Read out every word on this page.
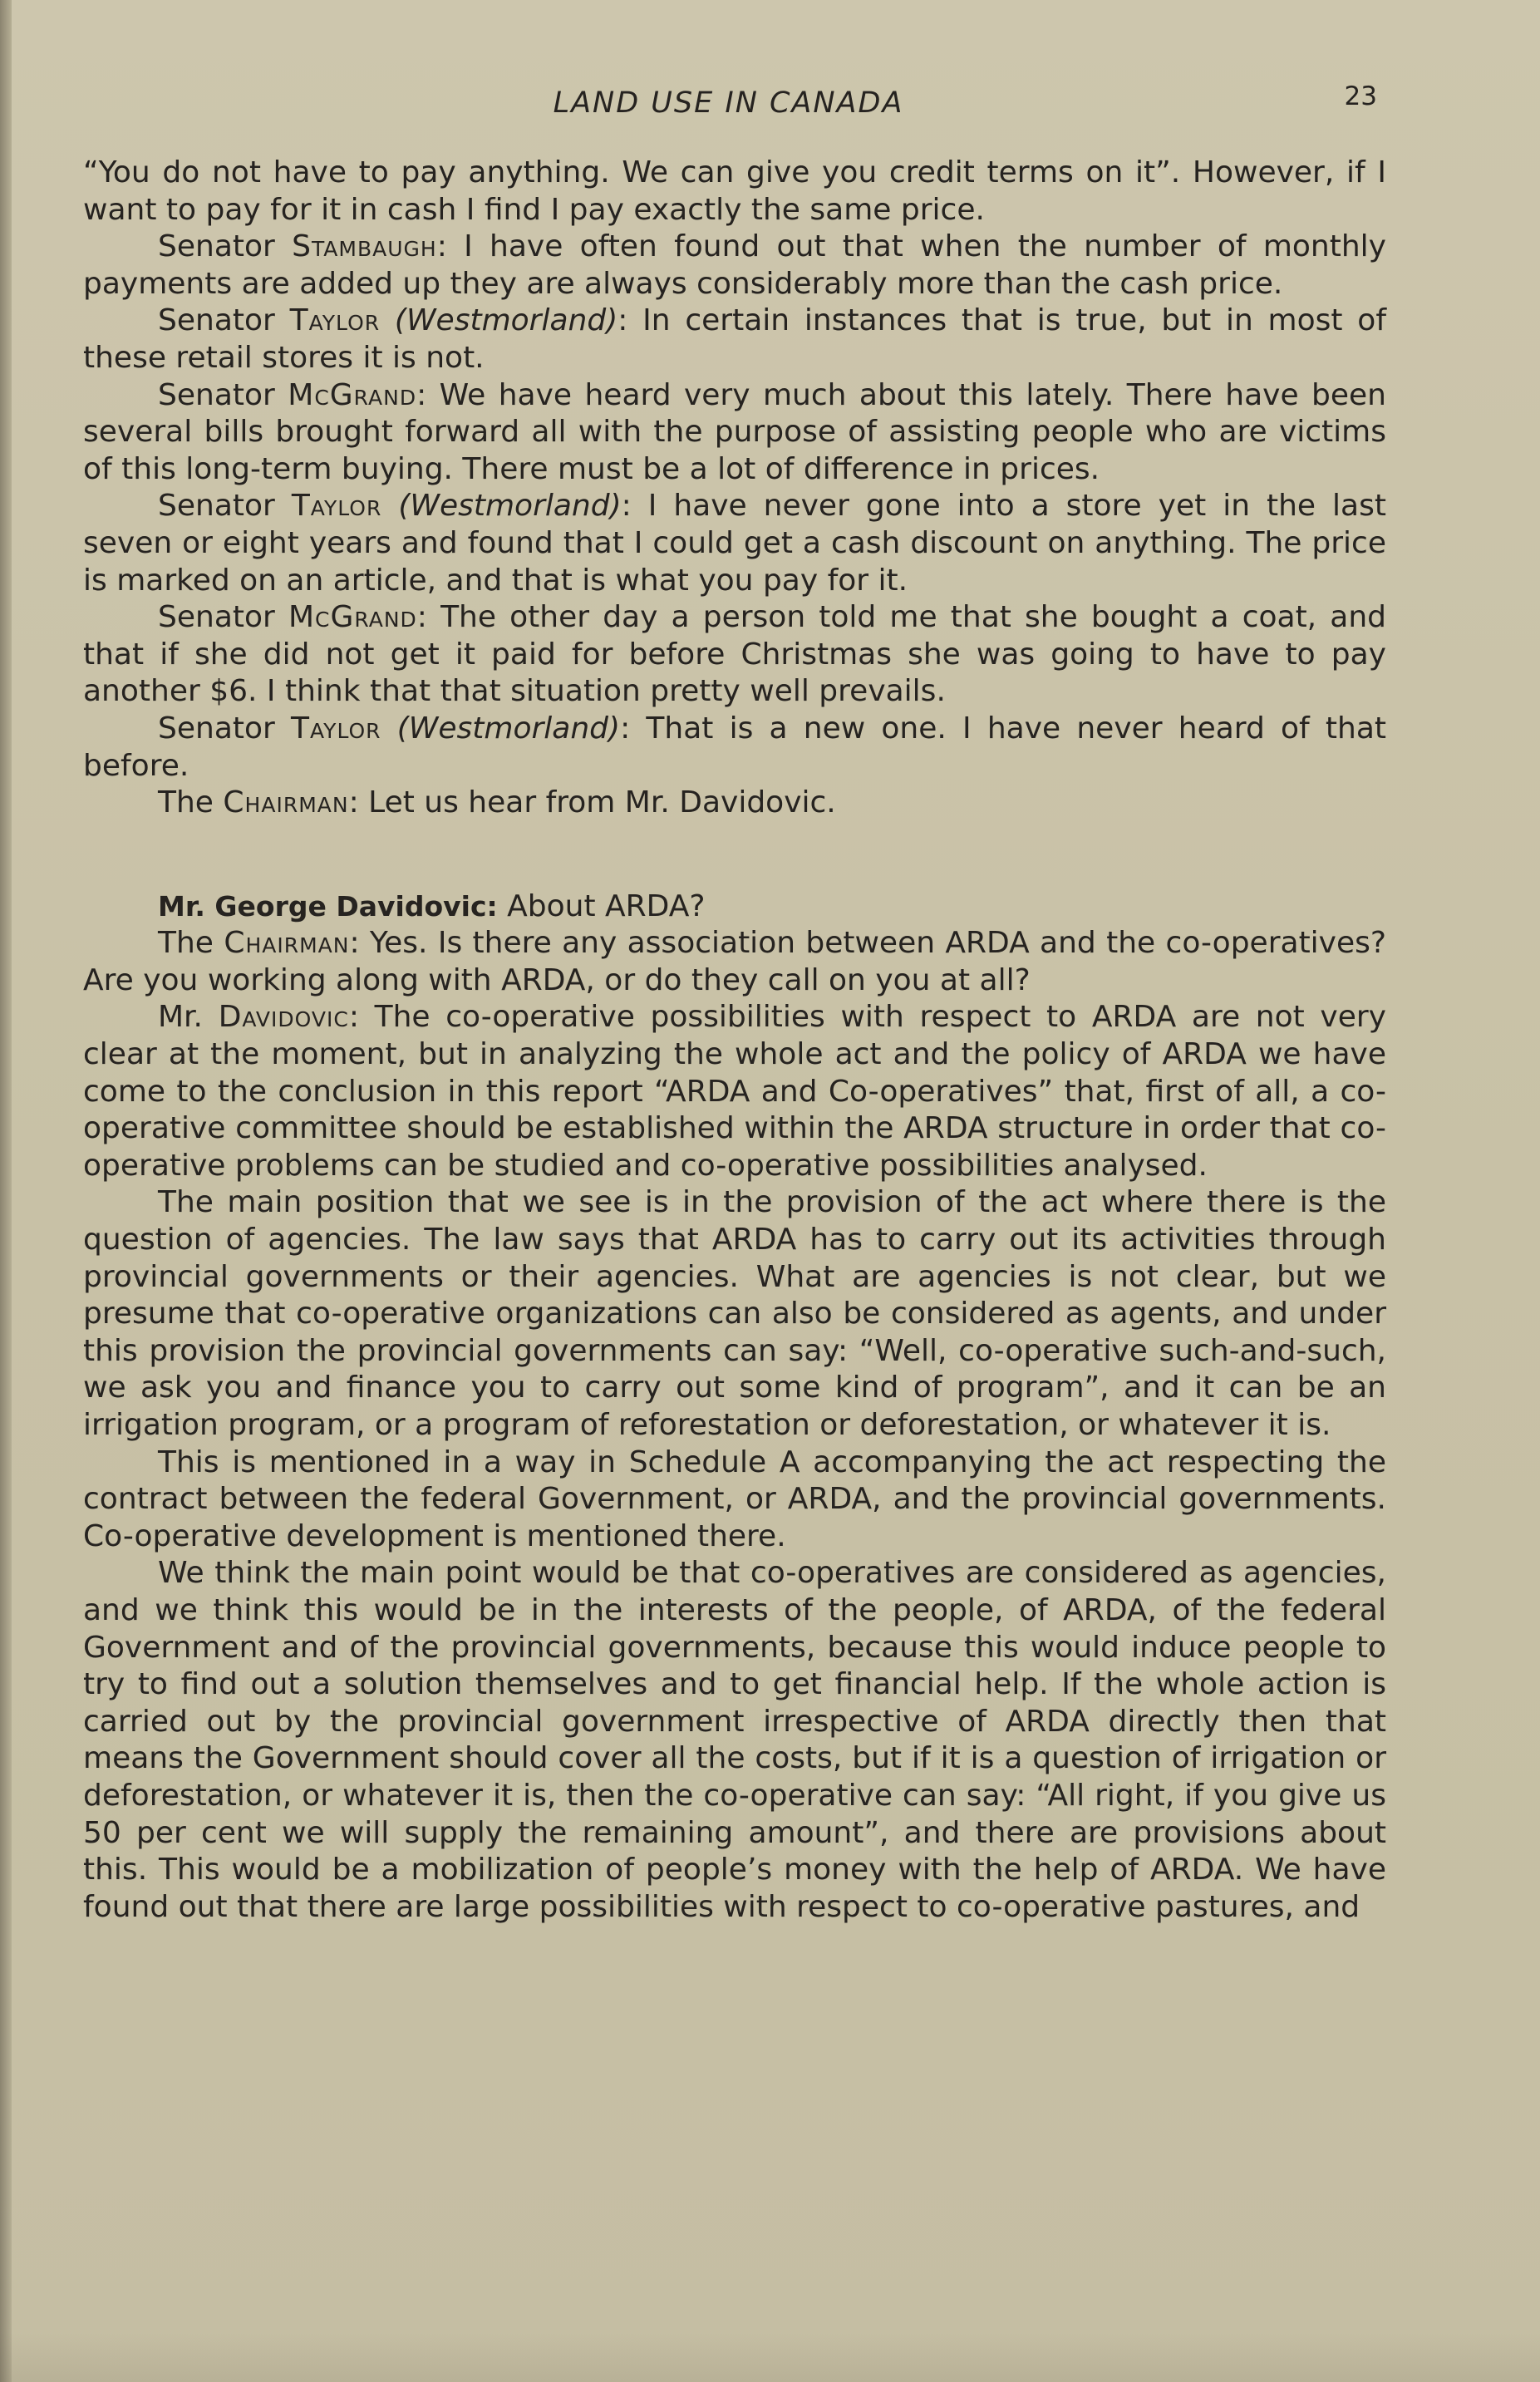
LAND USE IN CANADA	23

“You do not have to pay anything. We can give you credit terms on it”. However, if I want to pay for it in cash I find I pay exactly the same price.

Senator Stambaugh: I have often found out that when the number of monthly payments are added up they are always considerably more than the cash price.

Senator Taylor (Westmorland): In certain instances that is true, but in most of these retail stores it is not.

Senator McGrand: We have heard very much about this lately. There have been several bills brought forward all with the purpose of assisting people who are victims of this long-term buying. There must be a lot of difference in prices.

Senator Taylor (Westmorland): I have never gone into a store yet in the last seven or eight years and found that I could get a cash discount on anything. The price is marked on an article, and that is what you pay for it.

Senator McGrand: The other day a person told me that she bought a coat, and that if she did not get it paid for before Christmas she was going to have to pay another $6. I think that that situation pretty well prevails.

Senator Taylor (Westmorland): That is a new one. I have never heard of that before.

The Chairman: Let us hear from Mr. Davidovic.

Mr. George Davidovic: About ARDA?

The Chairman: Yes. Is there any association between ARDA and the co-operatives? Are you working along with ARDA, or do they call on you at all?

Mr. Davidovic: The co-operative possibilities with respect to ARDA are not very clear at the moment, but in analyzing the whole act and the policy of ARDA we have come to the conclusion in this report “ARDA and Co-operatives” that, first of all, a co-operative committee should be established within the ARDA structure in order that co-operative problems can be studied and co-operative possibilities analysed.

The main position that we see is in the provision of the act where there is the question of agencies. The law says that ARDA has to carry out its activities through provincial governments or their agencies. What are agencies is not clear, but we presume that co-operative organizations can also be considered as agents, and under this provision the provincial governments can say: “Well, co-operative such-and-such, we ask you and finance you to carry out some kind of program”, and it can be an irrigation program, or a program of reforestation or deforestation, or whatever it is.

This is mentioned in a way in Schedule A accompanying the act respecting the contract between the federal Government, or ARDA, and the provincial governments. Co-operative development is mentioned there.

We think the main point would be that co-operatives are considered as agencies, and we think this would be in the interests of the people, of ARDA, of the federal Government and of the provincial governments, because this would induce people to try to find out a solution themselves and to get financial help. If the whole action is carried out by the provincial government irrespective of ARDA directly then that means the Government should cover all the costs, but if it is a question of irrigation or deforestation, or whatever it is, then the co-operative can say: “All right, if you give us 50 per cent we will supply the remaining amount”, and there are provisions about this. This would be a mobilization of people’s money with the help of ARDA. We have found out that there are large possibilities with respect to co-operative pastures, and
